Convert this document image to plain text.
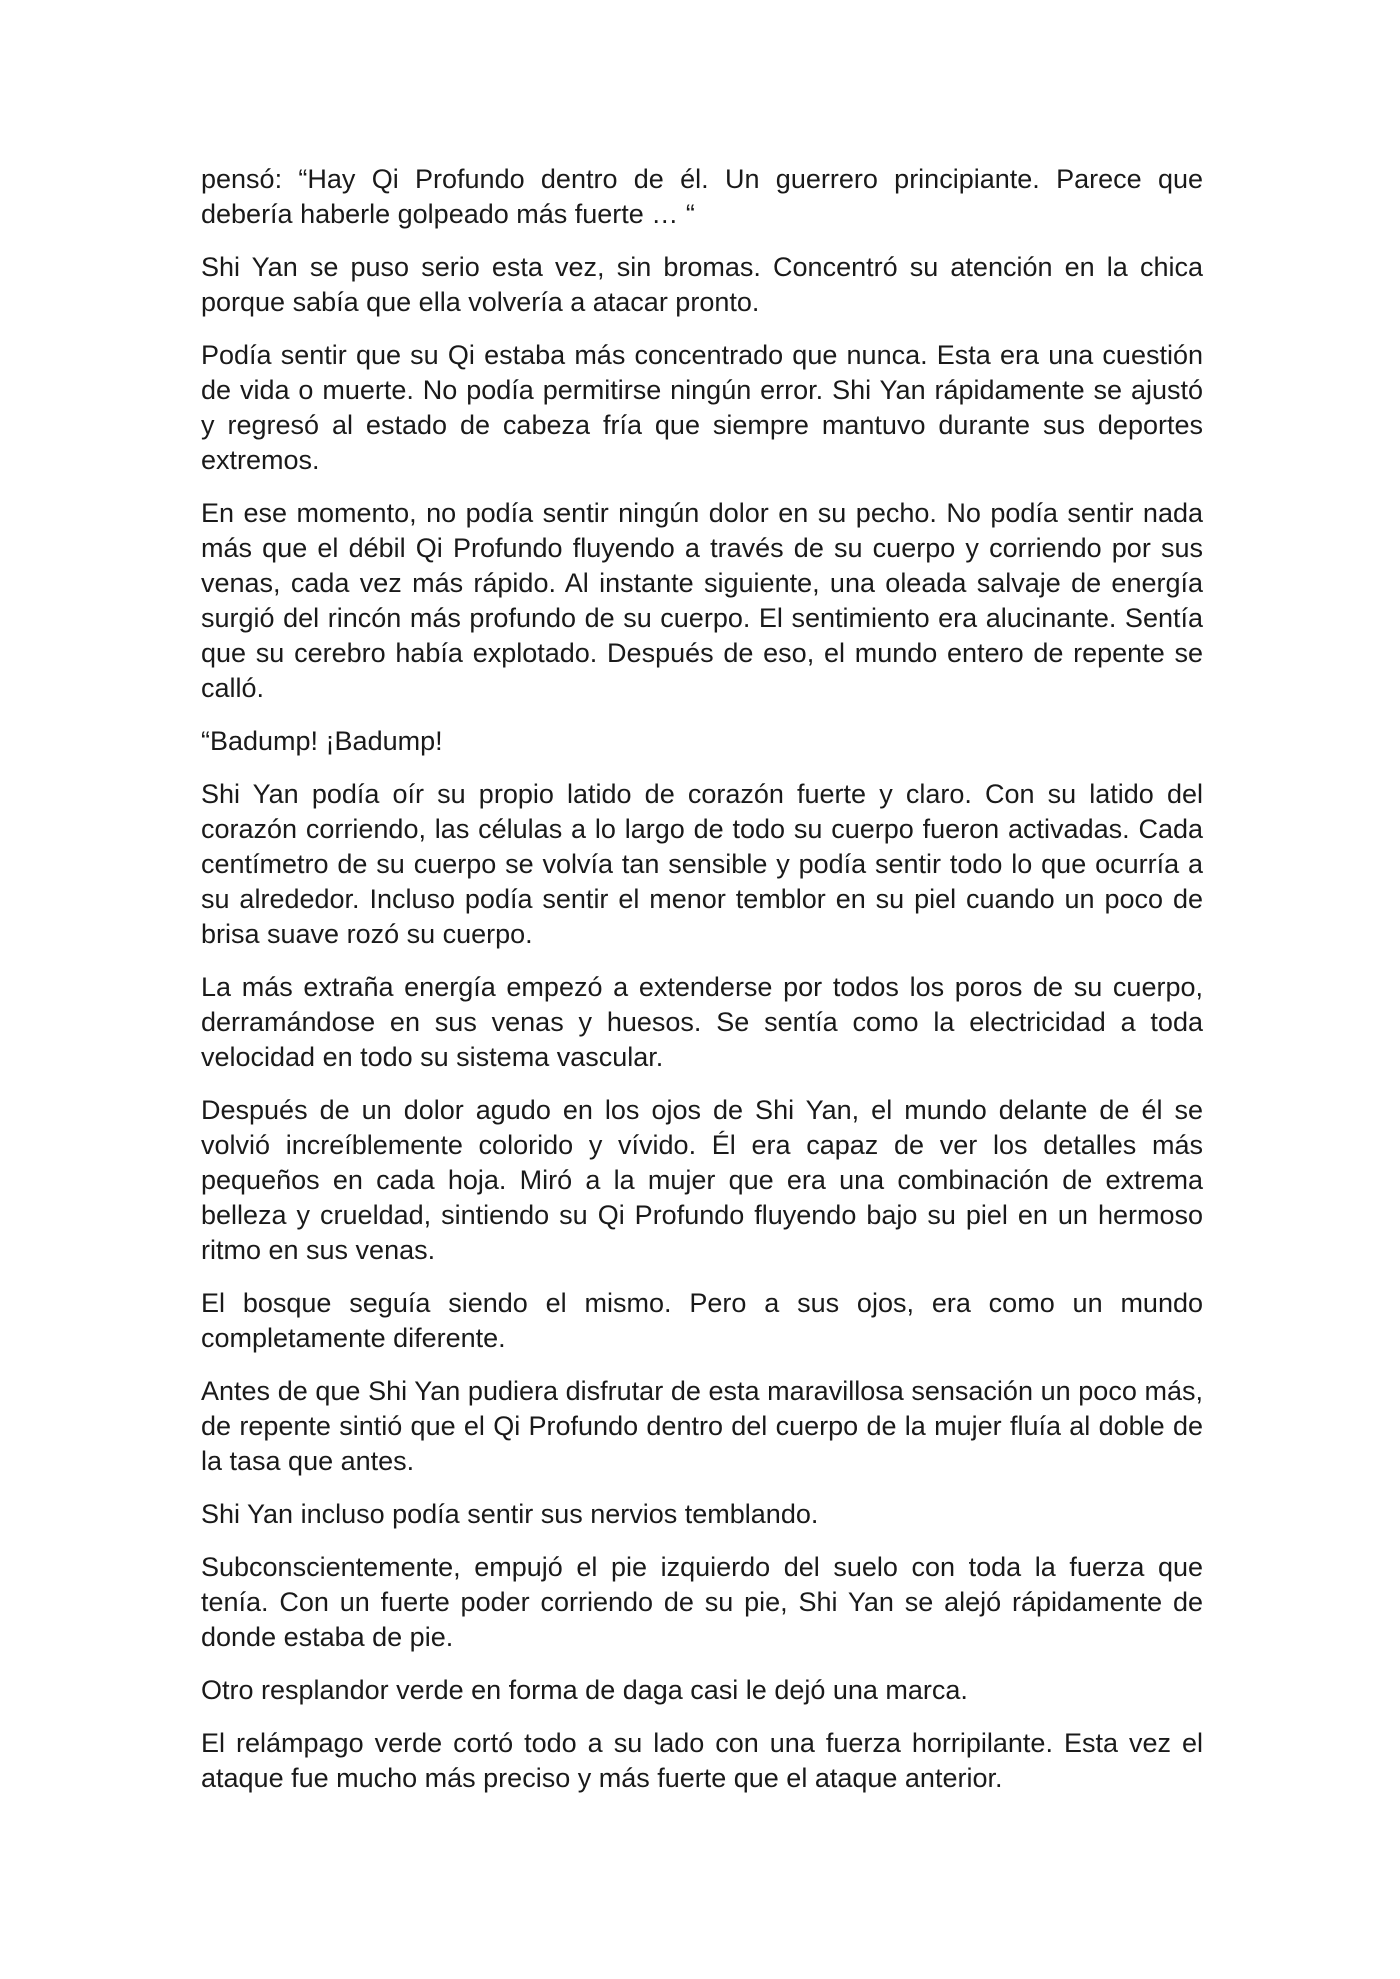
pensó: “Hay Qi Profundo dentro de él. Un guerrero principiante. Parece que debería haberle golpeado más fuerte … “

Shi Yan se puso serio esta vez, sin bromas. Concentró su atención en la chica porque sabía que ella volvería a atacar pronto.

Podía sentir que su Qi estaba más concentrado que nunca. Esta era una cuestión de vida o muerte. No podía permitirse ningún error. Shi Yan rápidamente se ajustó y regresó al estado de cabeza fría que siempre mantuvo durante sus deportes extremos.

En ese momento, no podía sentir ningún dolor en su pecho. No podía sentir nada más que el débil Qi Profundo fluyendo a través de su cuerpo y corriendo por sus venas, cada vez más rápido. Al instante siguiente, una oleada salvaje de energía surgió del rincón más profundo de su cuerpo. El sentimiento era alucinante. Sentía que su cerebro había explotado. Después de eso, el mundo entero de repente se calló.

“Badump! ¡Badump!

Shi Yan podía oír su propio latido de corazón fuerte y claro. Con su latido del corazón corriendo, las células a lo largo de todo su cuerpo fueron activadas. Cada centímetro de su cuerpo se volvía tan sensible y podía sentir todo lo que ocurría a su alrededor. Incluso podía sentir el menor temblor en su piel cuando un poco de brisa suave rozó su cuerpo.

La más extraña energía empezó a extenderse por todos los poros de su cuerpo, derramándose en sus venas y huesos. Se sentía como la electricidad a toda velocidad en todo su sistema vascular.

Después de un dolor agudo en los ojos de Shi Yan, el mundo delante de él se volvió increíblemente colorido y vívido. Él era capaz de ver los detalles más pequeños en cada hoja. Miró a la mujer que era una combinación de extrema belleza y crueldad, sintiendo su Qi Profundo fluyendo bajo su piel en un hermoso ritmo en sus venas.

El bosque seguía siendo el mismo. Pero a sus ojos, era como un mundo completamente diferente.

Antes de que Shi Yan pudiera disfrutar de esta maravillosa sensación un poco más, de repente sintió que el Qi Profundo dentro del cuerpo de la mujer fluía al doble de la tasa que antes.

Shi Yan incluso podía sentir sus nervios temblando.

Subconscientemente, empujó el pie izquierdo del suelo con toda la fuerza que tenía. Con un fuerte poder corriendo de su pie, Shi Yan se alejó rápidamente de donde estaba de pie.

Otro resplandor verde en forma de daga casi le dejó una marca.

El relámpago verde cortó todo a su lado con una fuerza horripilante. Esta vez el ataque fue mucho más preciso y más fuerte que el ataque anterior.
